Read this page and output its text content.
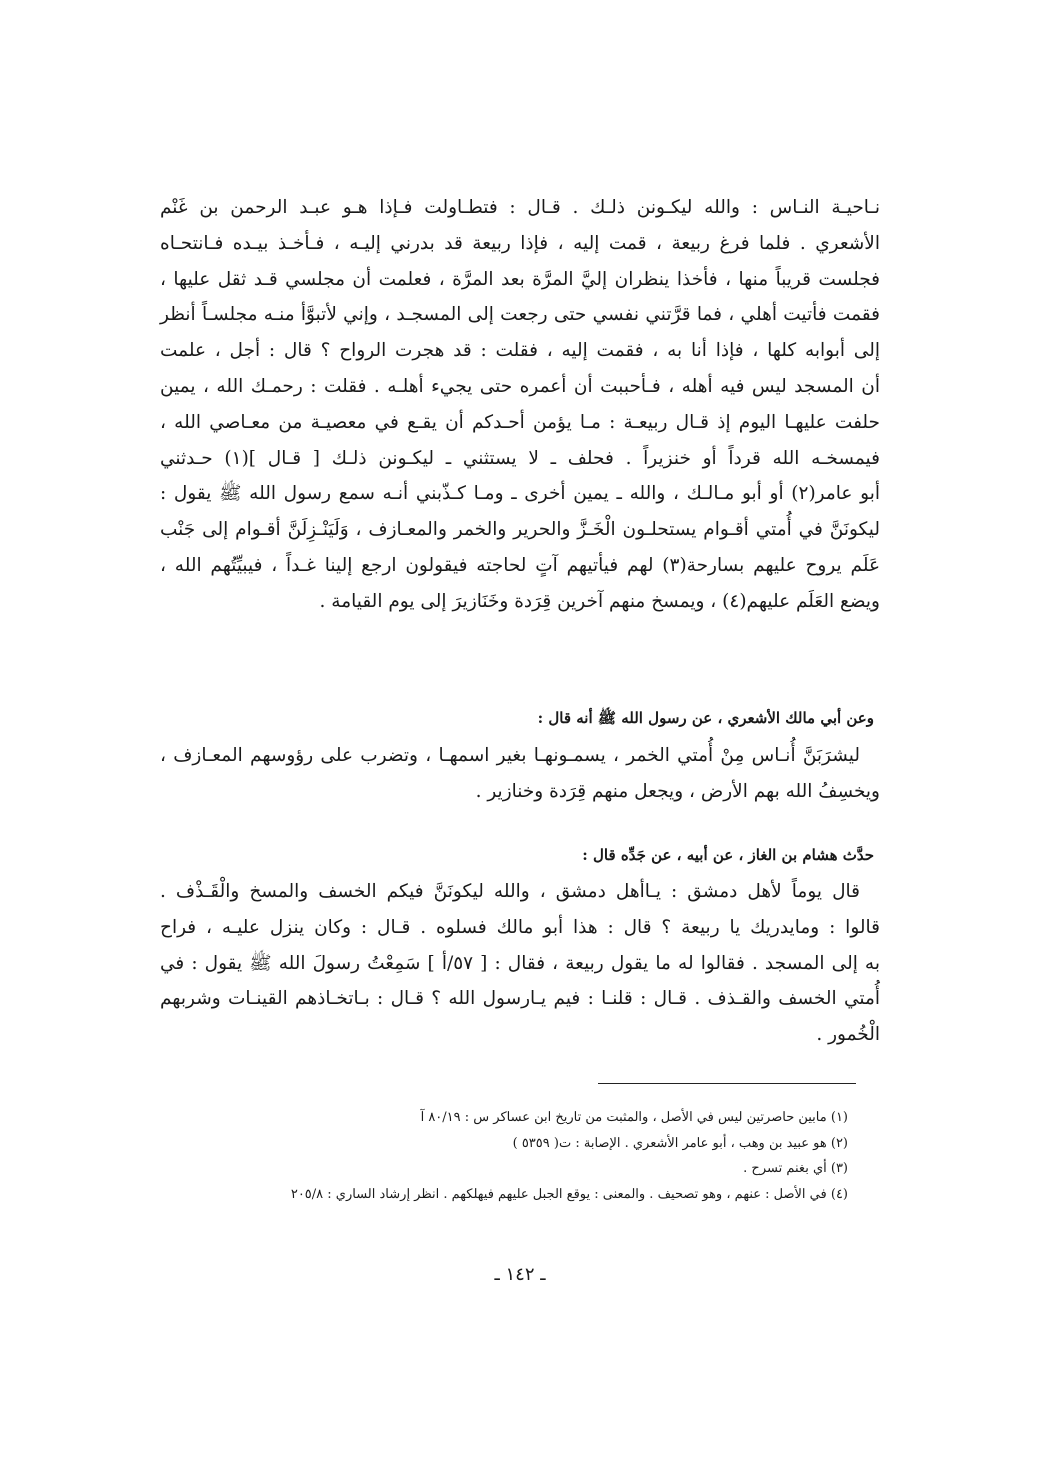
نـاحيـة النـاس : والله ليكـونن ذلـك . قـال : فتطـاولت فـإذا هـو عبـد الرحمن بن غَنْم
الأشعري . فلما فرغ ربيعة ، قمت إليه ، فإذا ربيعة قد بدرني إليـه ، فـأخـذ بيـده فـانتحـاه
فجلست قريباً منها ، فأخذا ينظران إليَّ المرَّة بعد المرَّة ، فعلمت أن مجلسي قـد ثقل عليها ،
فقمت فأتيت أهلي ، فما قرَّتني نفسي حتى رجعت إلى المسجـد ، وإني لأتبوَّأ منـه مجلسـاً أنظر
إلى أبوابه كلها ، فإذا أنا به ، فقمت إليه ، فقلت : قد هجرت الرواح ؟ قال : أجل ، علمت
أن المسجد ليس فيه أهله ، فـأحببت أن أعمره حتى يجيء أهلـه . فقلت : رحمـك الله ، يمين
حلفت عليهـا اليوم إذ قـال ربيعـة : مـا يؤمن أحـدكم أن يقـع في معصيـة من معـاصي الله ،
فيمسخـه الله قرداً أو خنزيراً . فحلف ـ لا يستثني ـ ليكـونن ذلـك [ قـال ](١) حـدثني
أبو عامر(٢) أو أبو مـالـك ، والله ـ يمين أخرى ـ ومـا كـذّبني أنـه سمع رسول الله ﷺ يقول :
ليكونَنَّ في أُمتي أقـوام يستحلـون الْخَـزَّ والحرير والخمر والمعـازف ، وَلَيَنْـزِلَنَّ أقـوام إلى جَنْب
عَلَم يروح عليهم بسارحة(٣) لهم فيأتيهم آتٍ لحاجته فيقولون ارجع إلينا غـداً ، فيبيِّتُهم الله ،
ويضع العَلَم عليهم(٤) ، ويمسخ منهم آخرين قِرَدة وخَنَازيرَ إلى يوم القيامة .

وعن أبي مالك الأشعري ، عن رسول الله ﷺ أنه قال :

ليشرَبَنَّ أُنـاس مِنْ أُمتي الخمر ، يسمـونهـا بغير اسمهـا ، وتضرب على رؤوسهم المعـازف ،
ويخسِفُ الله بهم الأرض ، ويجعل منهم قِرَدة وخنازير .

حدَّث هشام بن الغاز ، عن أبيه ، عن جَدِّه قال :

قال يوماً لأهل دمشق : يـاأهل دمشق ، والله ليكونَنَّ فيكم الخسف والمسخ والْقَـذْف .
قالوا : ومايدريك يا ربيعة ؟ قال : هذا أبو مالك فسلوه . قـال : وكان ينزل عليـه ، فراح
به إلى المسجد . فقالوا له ما يقول ربيعة ، فقال : [ ٥٧/أ ] سَمِعْتُ رسولَ الله ﷺ يقول : في
أُمتي الخسف والقـذف . قـال : قلنـا : فيم يـارسول الله ؟ قـال : بـاتخـاذهم القينـات وشربهم
الْخُمور .
(١) مابين حاصرتين ليس في الأصل ، والمثبت من تاريخ ابن عساكر س : ٨٠/١٩ آ
(٢) هو عبيد بن وهب ، أبو عامر الأشعري . الإصابة : ت( ٥٣٥٩ )
(٣) أي بغنم تسرح .
(٤) في الأصل : عنهم ، وهو تصحيف . والمعنى : يوقع الجبل عليهم فيهلكهم . انظر إرشاد الساري : ٢٠٥/٨
ـ ١٤٢ ـ
